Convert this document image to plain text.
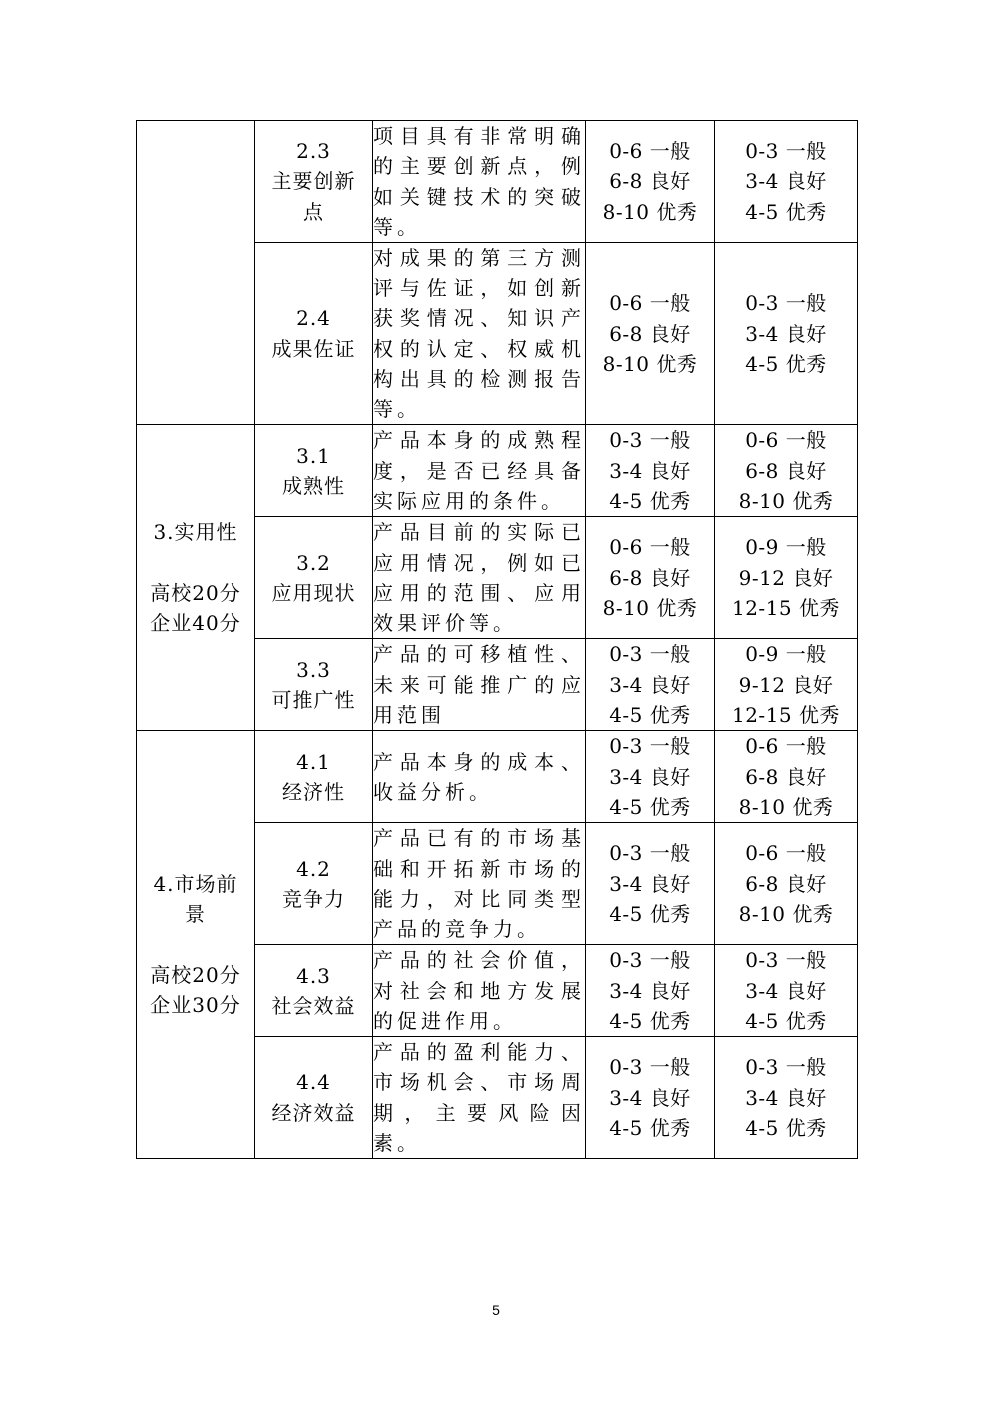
	2.3
主要创新点	项目具有非常明确的主要创新点，例如关键技术的突破等。	0-6 一般
6-8 良好
8-10 优秀	0-3 一般
3-4 良好
4-5 优秀

	2.4
成果佐证	对成果的第三方测评与佐证，如创新获奖情况、知识产权的认定、权威机构出具的检测报告等。	0-6 一般
6-8 良好
8-10 优秀	0-3 一般
3-4 良好
4-5 优秀

3.实用性
高校20分
企业40分	3.1
成熟性	产品本身的成熟程度，是否已经具备实际应用的条件。	0-3 一般
3-4 良好
4-5 优秀	0-6 一般
6-8 良好
8-10 优秀

	3.2
应用现状	产品目前的实际已应用情况，例如已应用的范围、应用效果评价等。	0-6 一般
6-8 良好
8-10 优秀	0-9 一般
9-12 良好
12-15 优秀

	3.3
可推广性	产品的可移植性、未来可能推广的应用范围	0-3 一般
3-4 良好
4-5 优秀	0-9 一般
9-12 良好
12-15 优秀

4.市场前
景
高校20分
企业30分	4.1
经济性	产品本身的成本、收益分析。	0-3 一般
3-4 良好
4-5 优秀	0-6 一般
6-8 良好
8-10 优秀

	4.2
竞争力	产品已有的市场基础和开拓新市场的能力，对比同类型产品的竞争力。	0-3 一般
3-4 良好
4-5 优秀	0-6 一般
6-8 良好
8-10 优秀

	4.3
社会效益	产品的社会价值，对社会和地方发展的促进作用。	0-3 一般
3-4 良好
4-5 优秀	0-3 一般
3-4 良好
4-5 优秀

	4.4
经济效益	产品的盈利能力、市场机会、市场周期，主要风险因素。	0-3 一般
3-4 良好
4-5 优秀	0-3 一般
3-4 良好
4-5 优秀
5
